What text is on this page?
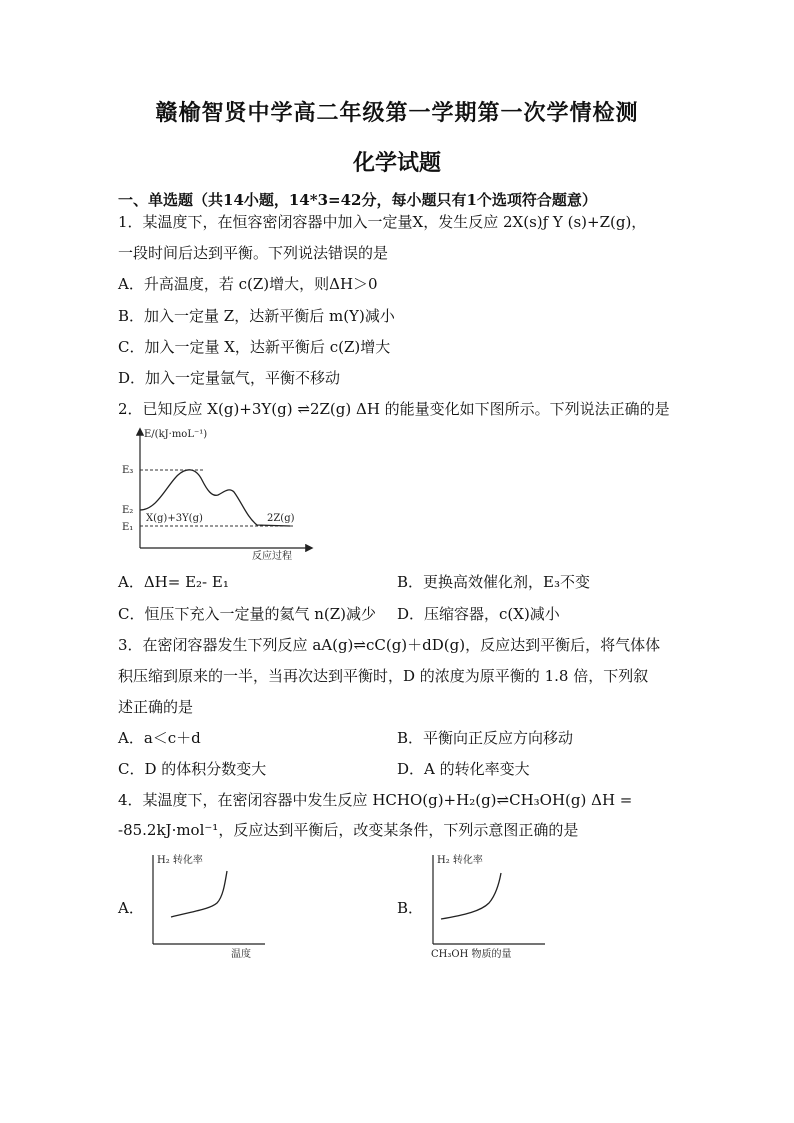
赣榆智贤中学高二年级第一学期第一次学情检测
化学试题
一、单选题（共14小题，14*3=42分，每小题只有1个选项符合题意）
1．某温度下，在恒容密闭容器中加入一定量X，发生反应 2X(s)ƒ Y (s)+Z(g)，
一段时间后达到平衡。下列说法错误的是
A．升高温度，若 c(Z)增大，则ΔH＞0
B．加入一定量 Z，达新平衡后 m(Y)减小
C．加入一定量 X，达新平衡后 c(Z)增大
D．加入一定量氩气，平衡不移动
2．已知反应 X(g)+3Y(g) ⇌2Z(g) ΔH 的能量变化如下图所示。下列说法正确的是
E/(kJ·moL⁻¹)
E₃
E₂
E₁
X(g)+3Y(g)	2Z(g)
反应过程
A．ΔH= E₂- E₁	B．更换高效催化剂，E₃不变
C．恒压下充入一定量的氦气 n(Z)减少 D．压缩容器，c(X)减小
3．在密闭容器发生下列反应 aA(g)⇌cC(g)＋dD(g)，反应达到平衡后，将气体体
积压缩到原来的一半，当再次达到平衡时，D 的浓度为原平衡的 1.8 倍，下列叙
述正确的是
A．a＜c＋d	B．平衡向正反应方向移动
C．D 的体积分数变大	D．A 的转化率变大
4．某温度下，在密闭容器中发生反应 HCHO(g)+H₂(g)⇌CH₃OH(g) ΔH =
-85.2kJ·mol⁻¹，反应达到平衡后，改变某条件，下列示意图正确的是
A．
H₂ 转化率
温度
B．
H₂ 转化率
CH₃OH 物质的量
